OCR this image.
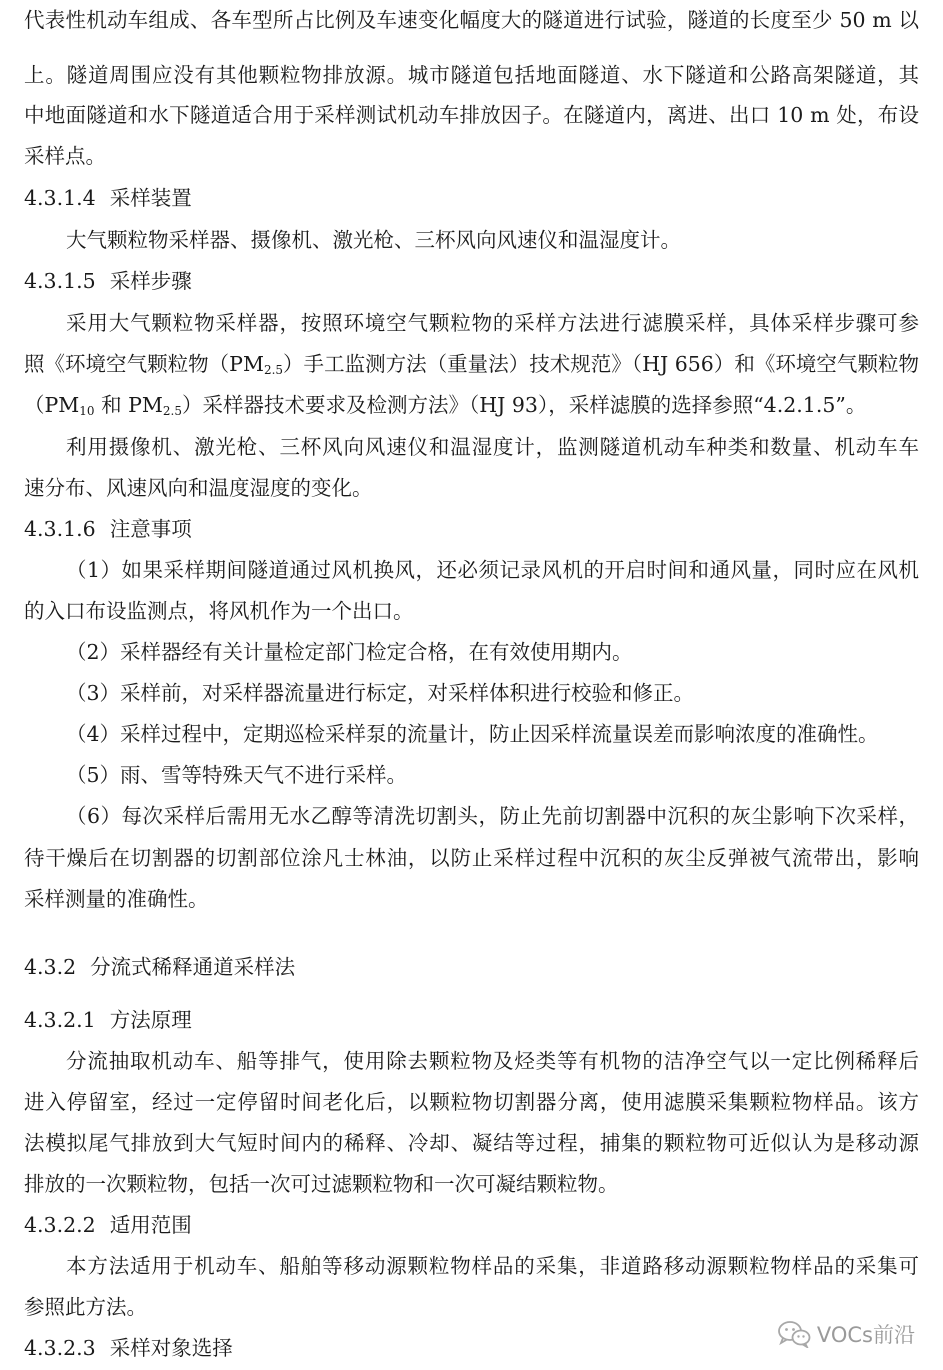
代表性机动车组成、各车型所占比例及车速变化幅度大的隧道进行试验，隧道的长度至少 50 m 以
上。隧道周围应没有其他颗粒物排放源。城市隧道包括地面隧道、水下隧道和公路高架隧道，其
中地面隧道和水下隧道适合用于采样测试机动车排放因子。在隧道内，离进、出口 10 m 处，布设
采样点。
4.3.1.4 采样装置
大气颗粒物采样器、摄像机、激光枪、三杯风向风速仪和温湿度计。
4.3.1.5 采样步骤
采用大气颗粒物采样器，按照环境空气颗粒物的采样方法进行滤膜采样，具体采样步骤可参
照《环境空气颗粒物$(PM_{2.5})$手工监测方法（重量法）技术规范》（HJ 656）和《环境空气颗粒物
（$PM_{10}$ 和 $PM_{2.5}$）采样器技术要求及检测方法》（HJ 93），采样滤膜的选择参照“4.2.1.5”。
利用摄像机、激光枪、三杯风向风速仪和温湿度计，监测隧道机动车种类和数量、机动车车
速分布、风速风向和温度湿度的变化。
4.3.1.6 注意事项
（1）如果采样期间隧道通过风机换风，还必须记录风机的开启时间和通风量，同时应在风机
的入口布设监测点，将风机作为一个出口。
（2）采样器经有关计量检定部门检定合格，在有效使用期内。
（3）采样前，对采样器流量进行标定，对采样体积进行校验和修正。
（4）采样过程中，定期巡检采样泵的流量计，防止因采样流量误差而影响浓度的准确性。
（5）雨、雪等特殊天气不进行采样。
（6）每次采样后需用无水乙醇等清洗切割头，防止先前切割器中沉积的灰尘影响下次采样，
待干燥后在切割器的切割部位涂凡士林油，以防止采样过程中沉积的灰尘反弹被气流带出，影响
采样测量的准确性。
4.3.2 分流式稀释通道采样法
4.3.2.1 方法原理
分流抽取机动车、船等排气，使用除去颗粒物及烃类等有机物的洁净空气以一定比例稀释后
进入停留室，经过一定停留时间老化后，以颗粒物切割器分离，使用滤膜采集颗粒物样品。该方
法模拟尾气排放到大气短时间内的稀释、冷却、凝结等过程，捕集的颗粒物可近似认为是移动源
排放的一次颗粒物，包括一次可过滤颗粒物和一次可凝结颗粒物。
4.3.2.2 适用范围
本方法适用于机动车、船舶等移动源颗粒物样品的采集，非道路移动源颗粒物样品的采集可
参照此方法。
4.3.2.3 采样对象选择
VOCs前沿
